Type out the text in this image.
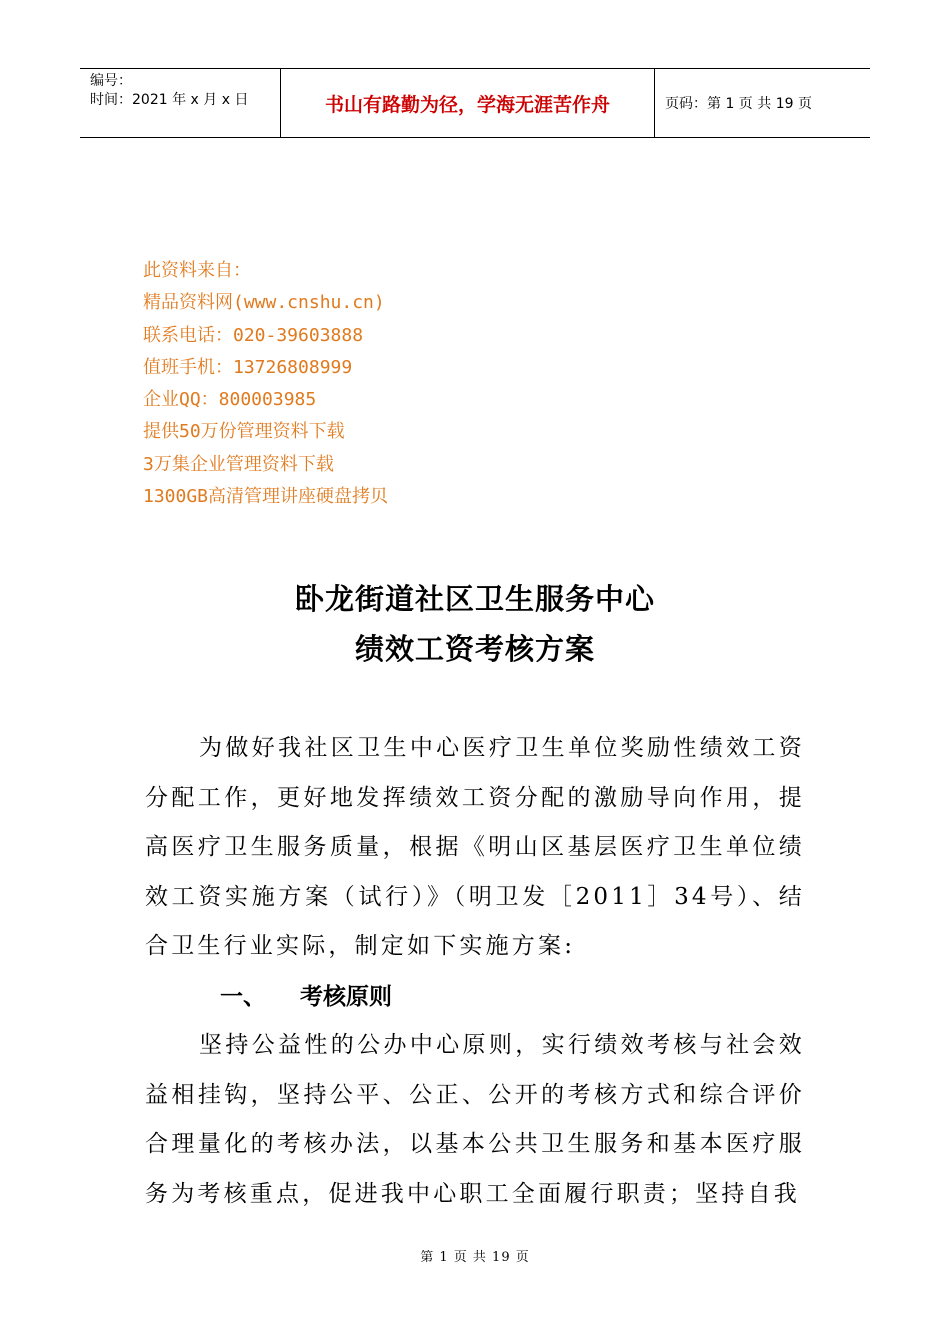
编号：
时间：2021 年 x 月 x 日	书山有路勤为径，学海无涯苦作舟	页码：第 1 页 共 19 页
此资料来自：
精品资料网(www.cnshu.cn)
联系电话：020-39603888
值班手机：13726808999
企业QQ：800003985
提供50万份管理资料下载
3万集企业管理资料下载
1300GB高清管理讲座硬盘拷贝
卧龙街道社区卫生服务中心
绩效工资考核方案
为做好我社区卫生中心医疗卫生单位奖励性绩效工资分配工作，更好地发挥绩效工资分配的激励导向作用，提高医疗卫生服务质量，根据《明山区基层医疗卫生单位绩效工资实施方案（试行）》（明卫发［2011］34号）、结合卫生行业实际，制定如下实施方案:
一、 考核原则
坚持公益性的公办中心原则，实行绩效考核与社会效益相挂钩，坚持公平、公正、公开的考核方式和综合评价合理量化的考核办法，以基本公共卫生服务和基本医疗服务为考核重点，促进我中心职工全面履行职责；坚持自我
第 1 页 共 19 页
